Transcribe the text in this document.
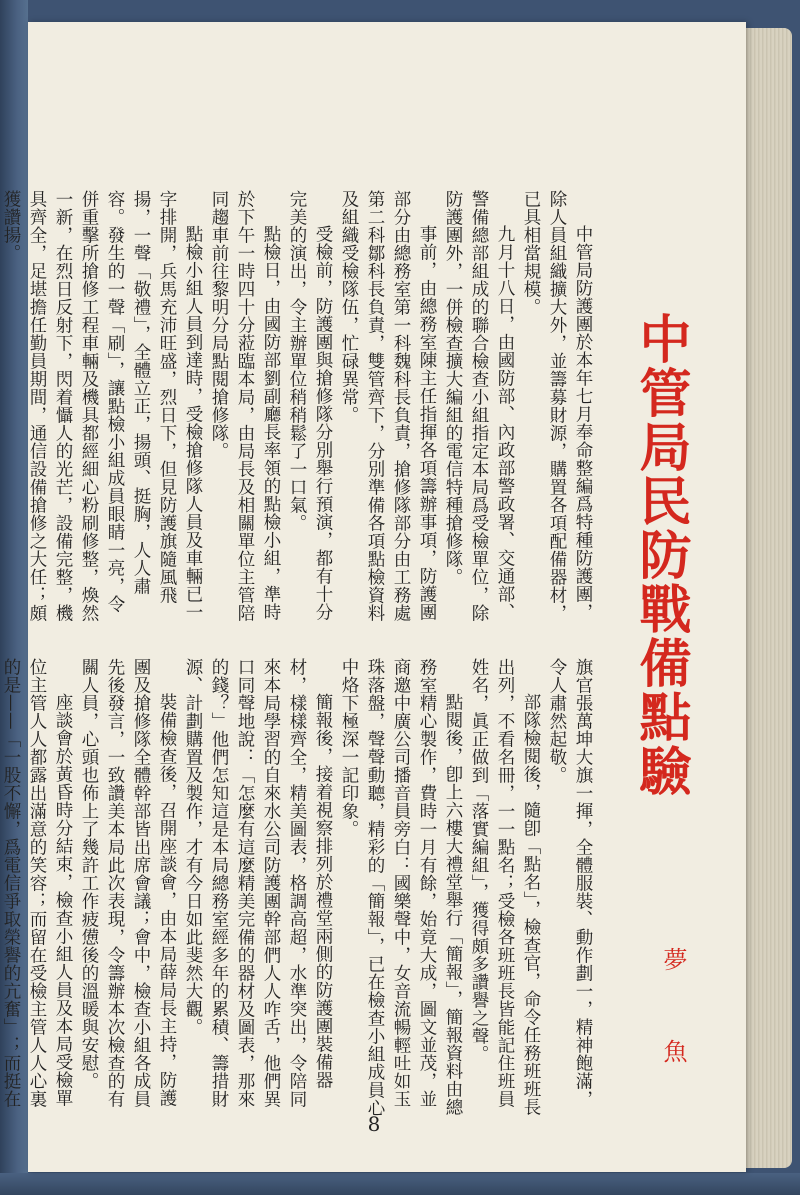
中管局民防戰備點驗
夢　魚
中管局防護團於本年七月奉命整編爲特種防護團，除人員組織擴大外，並籌募財源，購置各項配備器材，已具相當規模。
九月十八日，由國防部、內政部警政署、交通部、警備總部組成的聯合檢查小組指定本局爲受檢單位，除防護團外，一併檢查擴大編組的電信特種搶修隊。
事前，由總務室陳主任指揮各項籌辦事項，防護團部分由總務室第一科魏科長負責，搶修隊部分由工務處第二科鄒科長負責，雙管齊下，分別準備各項點檢資料及組織受檢隊伍，忙碌異常。
受檢前，防護團與搶修隊分別舉行預演，都有十分完美的演出，令主辦單位稍稍鬆了一口氣。
點檢日，由國防部劉副廳長率領的點檢小組，準時於下午一時四十分蒞臨本局，由局長及相關單位主管陪同趨車前往黎明分局點閱搶修隊。
點檢小組人員到達時，受檢搶修隊人員及車輛已一字排開，兵馬充沛旺盛，烈日下，但見防護旗隨風飛揚，一聲「敬禮」，全體立正，揚頭、挺胸，人人肅容。發生的一聲「刷」，讓點檢小組成員眼睛一亮，令併重擊所搶修工程車輛及機具都經細心粉刷修整，煥然一新，在烈日反射下，閃着懾人的光芒，設備完整，機具齊全，足堪擔任勤員期間，通信設備搶修之大任；頗獲讚揚。
旗官張萬坤大旗一揮，全體服裝、動作劃一，精神飽滿，令人肅然起敬。
部隊檢閱後，隨卽「點名」，檢查官，命令任務班班長出列，不看名冊，一一點名；受檢各班班長皆能記住班員姓名，眞正做到「落實編組」，獲得頗多讚譽之聲。
點閱後，卽上六樓大禮堂舉行「簡報」，簡報資料由總務室精心製作，費時一月有餘，始竟大成，圖文並茂，並商邀中廣公司播音員旁白：國樂聲中，女音流暢輕吐如玉珠落盤，聲聲動聽，精彩的「簡報」，已在檢查小組成員心中烙下極深一記印象。
簡報後，接着視察排列於禮堂兩側的防護團裝備器材，樣樣齊全，精美圖表，格調高超，水準突出，令陪同來本局學習的自來水公司防護團幹部們人人咋舌，他們異口同聲地說：「怎麼有這麼精美完備的器材及圖表，那來的錢？」他們怎知這是本局總務室經多年的累積、籌措財源、計劃購置及製作，才有今日如此斐然大觀。
裝備檢查後，召開座談會，由本局薛局長主持，防護團及搶修隊全體幹部皆出席會議；會中，檢查小組各成員先後發言，一致讚美本局此次表現，令籌辦本次檢查的有關人員，心頭也佈上了幾許工作疲憊後的溫暖與安慰。
座談會於黃昏時分結束，檢查小組人員及本局受檢單位主管人人都露出滿意的笑容；而留在受檢主管人人心裏的是——「一股不懈，爲電信爭取榮譽的亢奮」；而挺在
8
